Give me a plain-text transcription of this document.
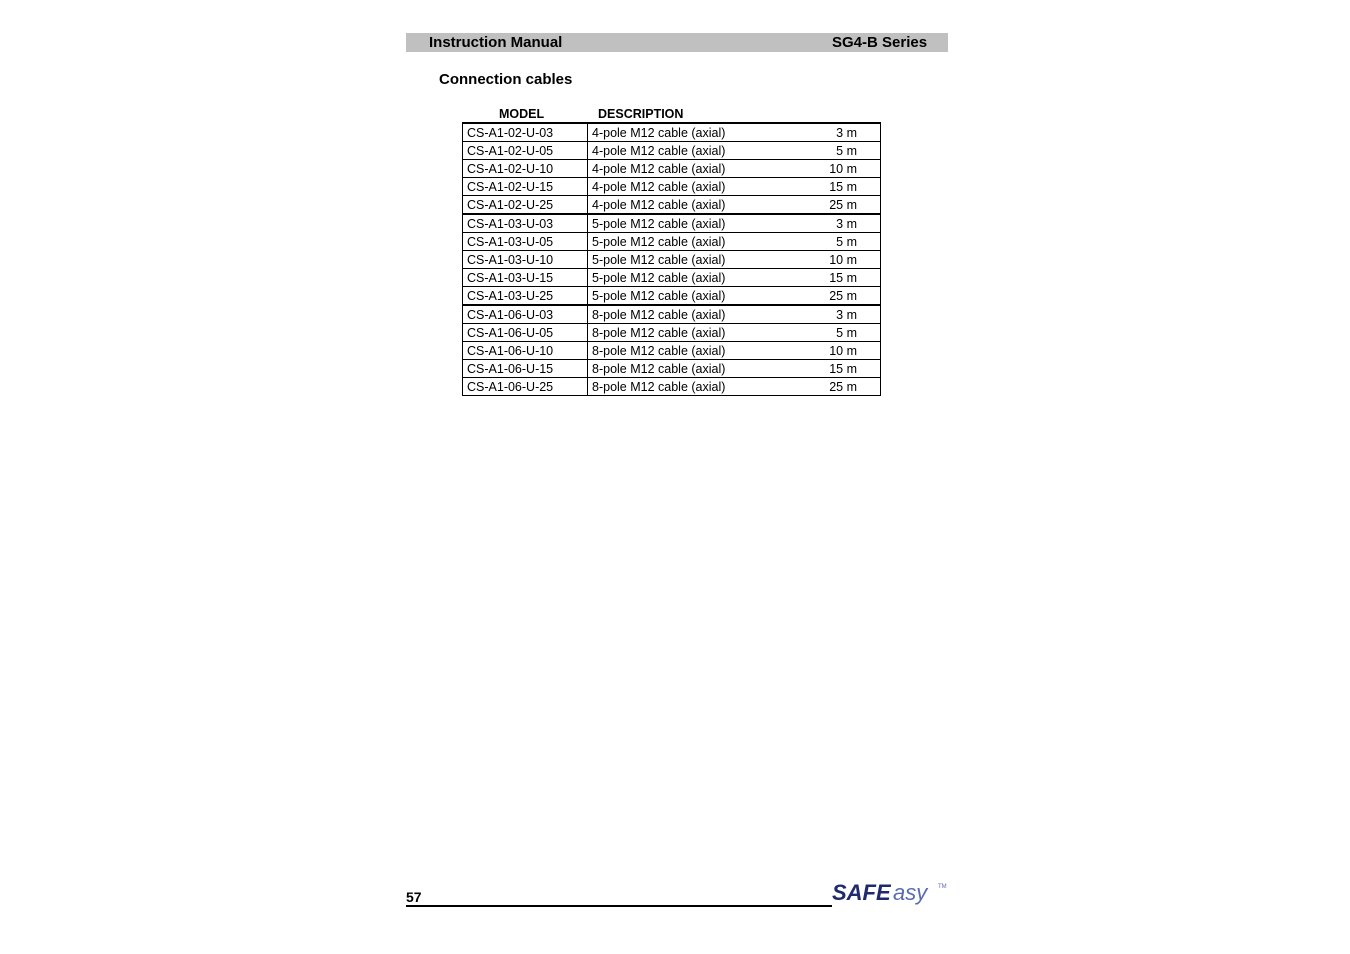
Instruction Manual	SG4-B Series
Connection cables
MODEL	DESCRIPTION
CS-A1-02-U-03	4-pole M12 cable (axial) 3 m

CS-A1-02-U-05	4-pole M12 cable (axial) 5 m

CS-A1-02-U-10	4-pole M12 cable (axial) 10 m

CS-A1-02-U-15	4-pole M12 cable (axial) 15 m

CS-A1-02-U-25	4-pole M12 cable (axial) 25 m

CS-A1-03-U-03	5-pole M12 cable (axial) 3 m

CS-A1-03-U-05	5-pole M12 cable (axial) 5 m

CS-A1-03-U-10	5-pole M12 cable (axial) 10 m

CS-A1-03-U-15	5-pole M12 cable (axial) 15 m

CS-A1-03-U-25	5-pole M12 cable (axial) 25 m

CS-A1-06-U-03	8-pole M12 cable (axial) 3 m

CS-A1-06-U-05	8-pole M12 cable (axial) 5 m

CS-A1-06-U-10	8-pole M12 cable (axial) 10 m

CS-A1-06-U-15	8-pole M12 cable (axial) 15 m

CS-A1-06-U-25	8-pole M12 cable (axial) 25 m
57	SAFE asy	TM
